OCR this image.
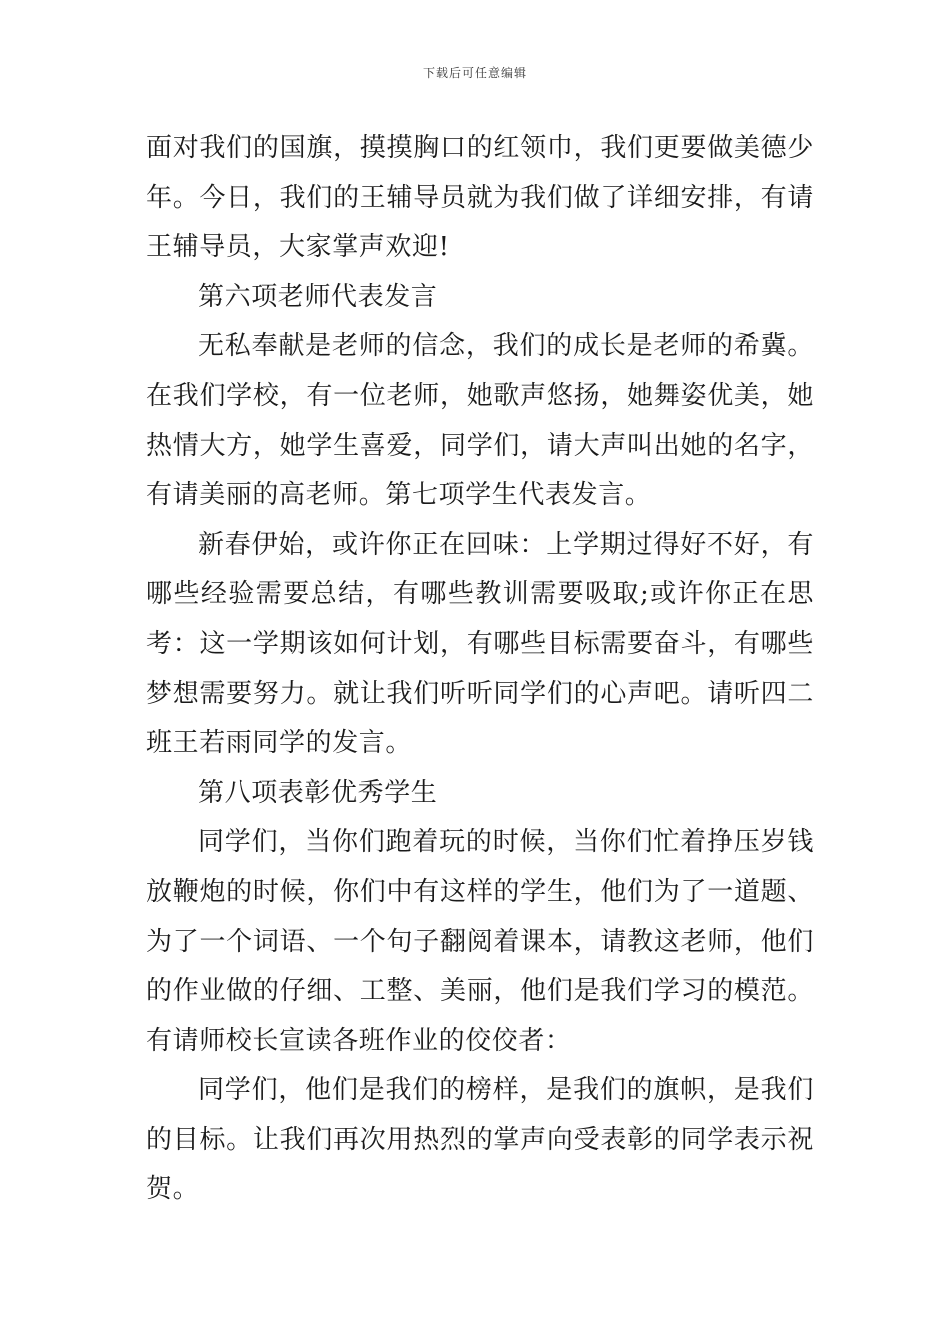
下载后可任意编辑

面对我们的国旗，摸摸胸口的红领巾，我们更要做美德少年。今日，我们的王辅导员就为我们做了详细安排，有请王辅导员，大家掌声欢迎!

第六项老师代表发言

无私奉献是老师的信念，我们的成长是老师的希冀。在我们学校，有一位老师，她歌声悠扬，她舞姿优美，她热情大方，她学生喜爱，同学们，请大声叫出她的名字，有请美丽的高老师。第七项学生代表发言。

新春伊始，或许你正在回味：上学期过得好不好，有哪些经验需要总结，有哪些教训需要吸取;或许你正在思考：这一学期该如何计划，有哪些目标需要奋斗，有哪些梦想需要努力。就让我们听听同学们的心声吧。请听四二班王若雨同学的发言。

第八项表彰优秀学生

同学们，当你们跑着玩的时候，当你们忙着挣压岁钱放鞭炮的时候，你们中有这样的学生，他们为了一道题、为了一个词语、一个句子翻阅着课本，请教这老师，他们的作业做的仔细、工整、美丽，他们是我们学习的模范。有请师校长宣读各班作业的佼佼者：

同学们，他们是我们的榜样，是我们的旗帜，是我们的目标。让我们再次用热烈的掌声向受表彰的同学表示祝贺。
